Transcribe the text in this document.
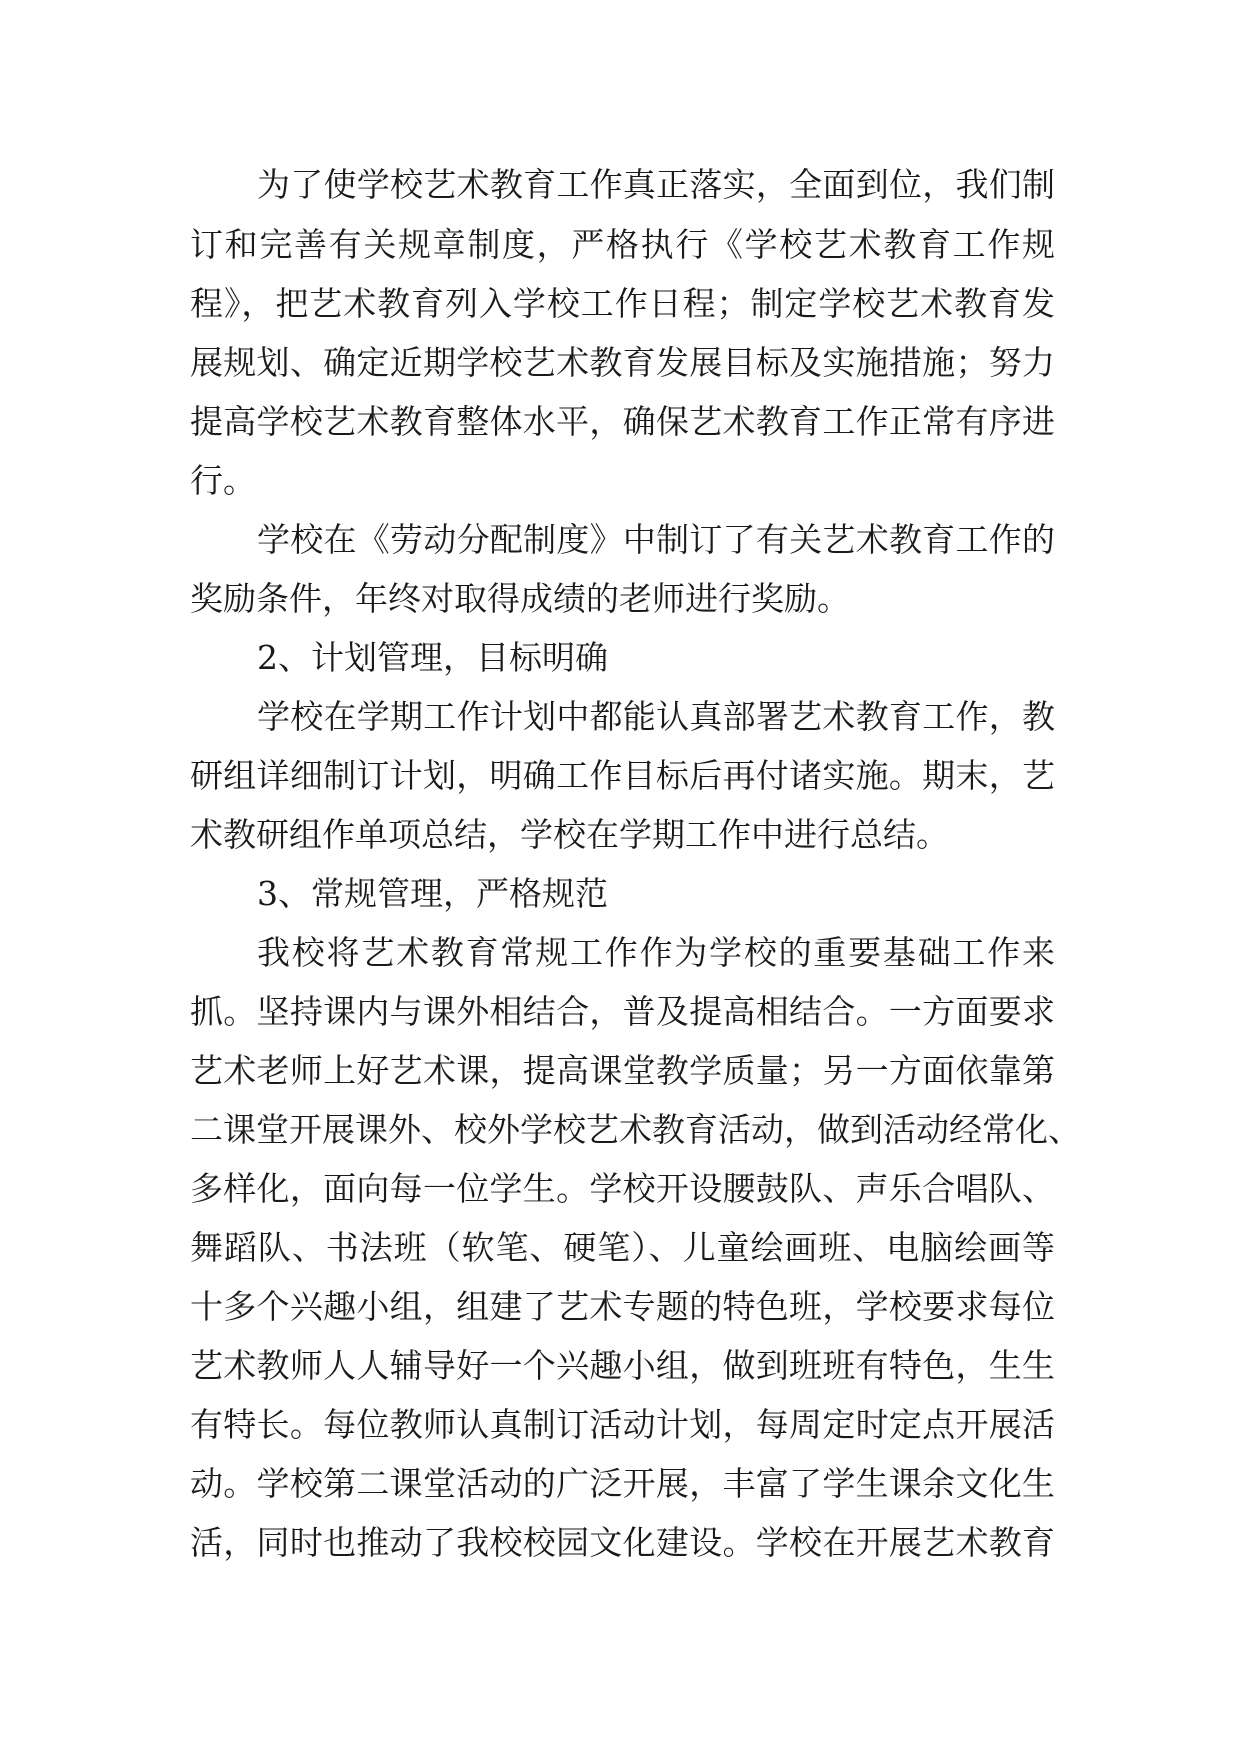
为了使学校艺术教育工作真正落实，全面到位，我们制
订和完善有关规章制度，严格执行《学校艺术教育工作规
程》，把艺术教育列入学校工作日程；制定学校艺术教育发
展规划、确定近期学校艺术教育发展目标及实施措施；努力
提高学校艺术教育整体水平，确保艺术教育工作正常有序进
行。
学校在《劳动分配制度》中制订了有关艺术教育工作的
奖励条件，年终对取得成绩的老师进行奖励。
2、计划管理，目标明确
学校在学期工作计划中都能认真部署艺术教育工作，教
研组详细制订计划，明确工作目标后再付诸实施。期末，艺
术教研组作单项总结，学校在学期工作中进行总结。
3、常规管理，严格规范
我校将艺术教育常规工作作为学校的重要基础工作来
抓。坚持课内与课外相结合，普及提高相结合。一方面要求
艺术老师上好艺术课，提高课堂教学质量；另一方面依靠第
二课堂开展课外、校外学校艺术教育活动，做到活动经常化、
多样化，面向每一位学生。学校开设腰鼓队、声乐合唱队、
舞蹈队、书法班（软笔、硬笔）、儿童绘画班、电脑绘画等
十多个兴趣小组，组建了艺术专题的特色班，学校要求每位
艺术教师人人辅导好一个兴趣小组，做到班班有特色，生生
有特长。每位教师认真制订活动计划，每周定时定点开展活
动。学校第二课堂活动的广泛开展，丰富了学生课余文化生
活，同时也推动了我校校园文化建设。学校在开展艺术教育
